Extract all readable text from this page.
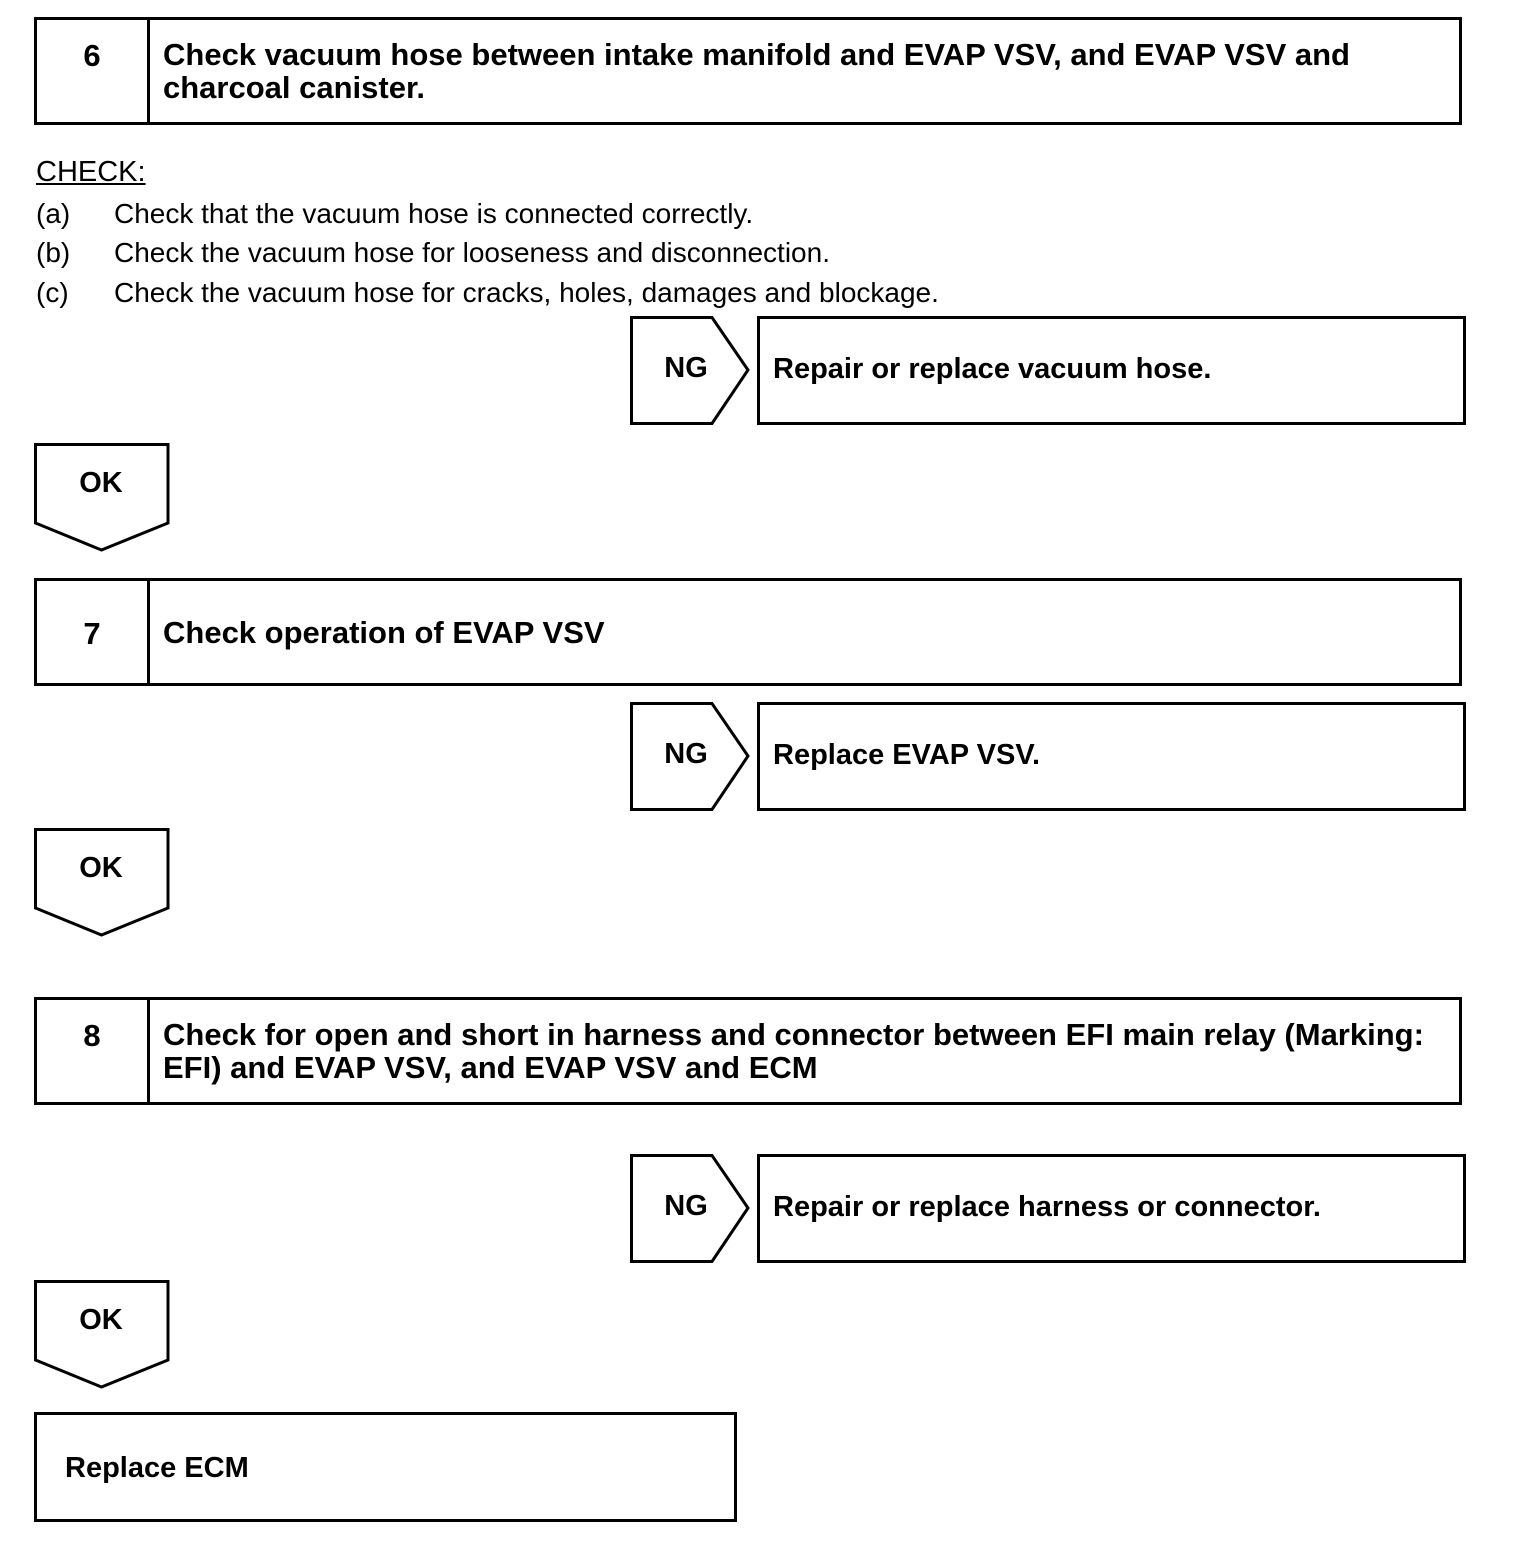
6	Check vacuum hose between intake manifold and EVAP VSV, and EVAP VSV and charcoal canister.
CHECK:
(a) Check that the vacuum hose is connected correctly.
(b) Check the vacuum hose for looseness and disconnection.
(c) Check the vacuum hose for cracks, holes, damages and blockage.
NG	Repair or replace vacuum hose.
OK
7	Check operation of EVAP VSV
NG	Replace EVAP VSV.
OK
8	Check for open and short in harness and connector between EFI main relay (Marking: EFI) and EVAP VSV, and EVAP VSV and ECM
NG	Repair or replace harness or connector.
OK
Replace ECM
